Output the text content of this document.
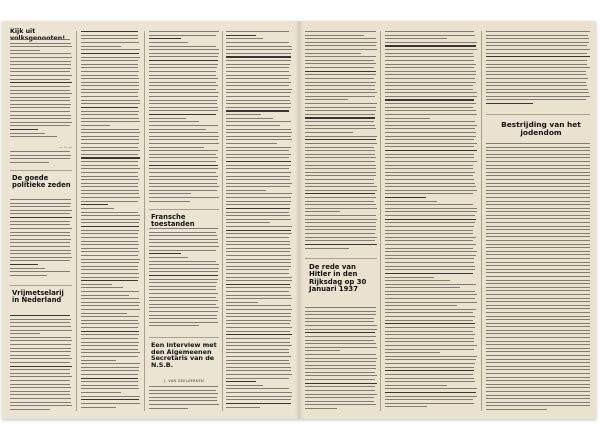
Kijk uit
— — —
De goede politieke zeden
Vrijmetselarij in Nederland
Fransche toestanden
Een interview met den Algemeenen Secretaris van de N.S.B.
J. VAN GEELKERKEN
De rede van Hitler in den Rijksdag op 30 Januari 1937
Bestrijding van het jodendom
